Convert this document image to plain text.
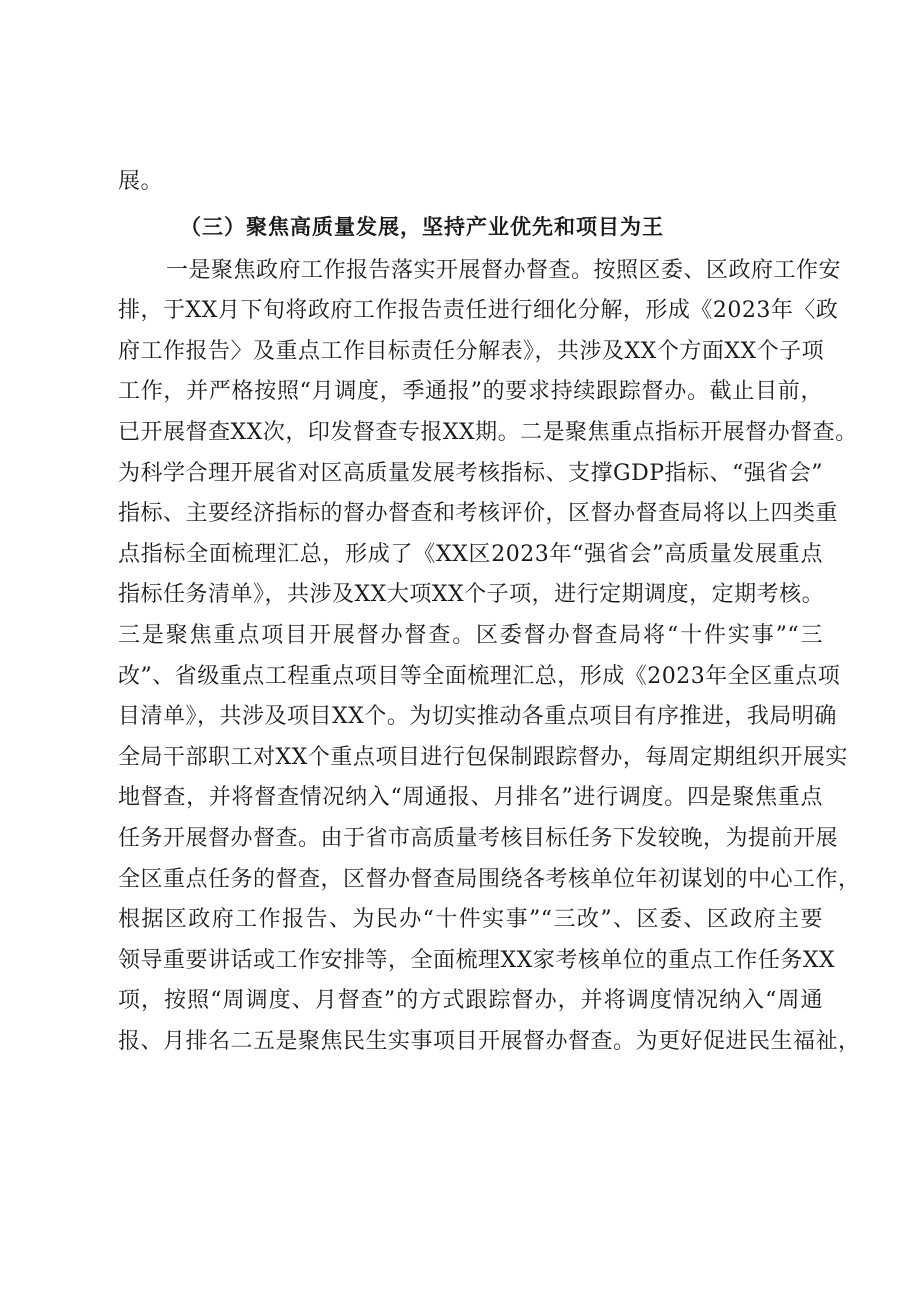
展。
（三）聚焦高质量发展，坚持产业优先和项目为王
一是聚焦政府工作报告落实开展督办督查。按照区委、区政府工作安
排，于XX月下旬将政府工作报告责任进行细化分解，形成《2023年〈政
府工作报告〉及重点工作目标责任分解表》，共涉及XX个方面XX个子项
工作，并严格按照“月调度，季通报”的要求持续跟踪督办。截止目前，
已开展督查XX次，印发督查专报XX期。二是聚焦重点指标开展督办督查。
为科学合理开展省对区高质量发展考核指标、支撑GDP指标、“强省会”
指标、主要经济指标的督办督查和考核评价，区督办督查局将以上四类重
点指标全面梳理汇总，形成了《XX区2023年“强省会”高质量发展重点
指标任务清单》，共涉及XX大项XX个子项，进行定期调度，定期考核。
三是聚焦重点项目开展督办督查。区委督办督查局将“十件实事”“三
改”、省级重点工程重点项目等全面梳理汇总，形成《2023年全区重点项
目清单》，共涉及项目XX个。为切实推动各重点项目有序推进，我局明确
全局干部职工对XX个重点项目进行包保制跟踪督办，每周定期组织开展实
地督查，并将督查情况纳入“周通报、月排名”进行调度。四是聚焦重点
任务开展督办督查。由于省市高质量考核目标任务下发较晚，为提前开展
全区重点任务的督查，区督办督查局围绕各考核单位年初谋划的中心工作，
根据区政府工作报告、为民办“十件实事”“三改”、区委、区政府主要
领导重要讲话或工作安排等，全面梳理XX家考核单位的重点工作任务XX
项，按照“周调度、月督查”的方式跟踪督办，并将调度情况纳入“周通
报、月排名二五是聚焦民生实事项目开展督办督查。为更好促进民生福祉，
